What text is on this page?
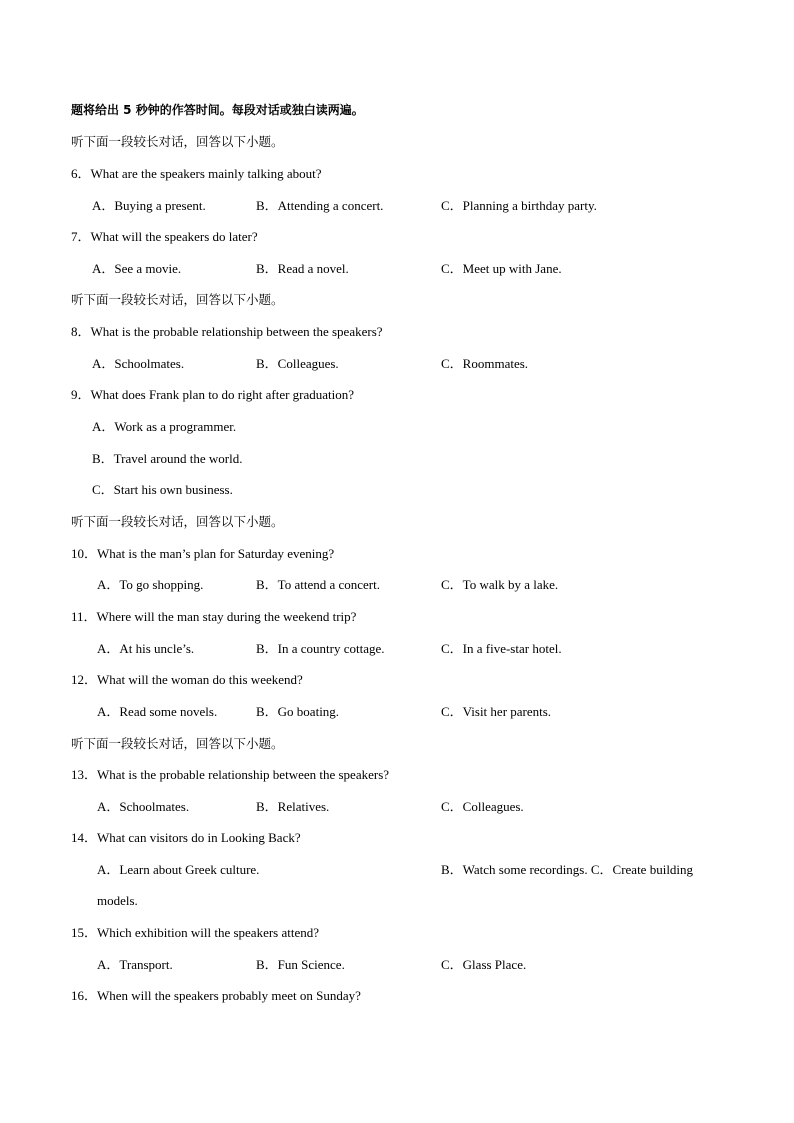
题将给出 5 秒钟的作答时间。每段对话或独白读两遍。
听下面一段较长对话，回答以下小题。
6．What are the speakers mainly talking about?
A．Buying a present.	B．Attending a concert.	C．Planning a birthday party.
7．What will the speakers do later?
A．See a movie.	B．Read a novel.	C．Meet up with Jane.
听下面一段较长对话，回答以下小题。
8．What is the probable relationship between the speakers?
A．Schoolmates.	B．Colleagues.	C．Roommates.
9．What does Frank plan to do right after graduation?
A．Work as a programmer.
B．Travel around the world.
C．Start his own business.
听下面一段较长对话，回答以下小题。
10．What is the man’s plan for Saturday evening?
A．To go shopping.	B．To attend a concert.	C．To walk by a lake.
11．Where will the man stay during the weekend trip?
A．At his uncle’s.	B．In a country cottage.	C．In a five-star hotel.
12．What will the woman do this weekend?
A．Read some novels.	B．Go boating.	C．Visit her parents.
听下面一段较长对话，回答以下小题。
13．What is the probable relationship between the speakers?
A．Schoolmates.	B．Relatives.	C．Colleagues.
14．What can visitors do in Looking Back?
A．Learn about Greek culture.	B．Watch some recordings. C．Create building
models.
15．Which exhibition will the speakers attend?
A．Transport.	B．Fun Science.	C．Glass Place.
16．When will the speakers probably meet on Sunday?
